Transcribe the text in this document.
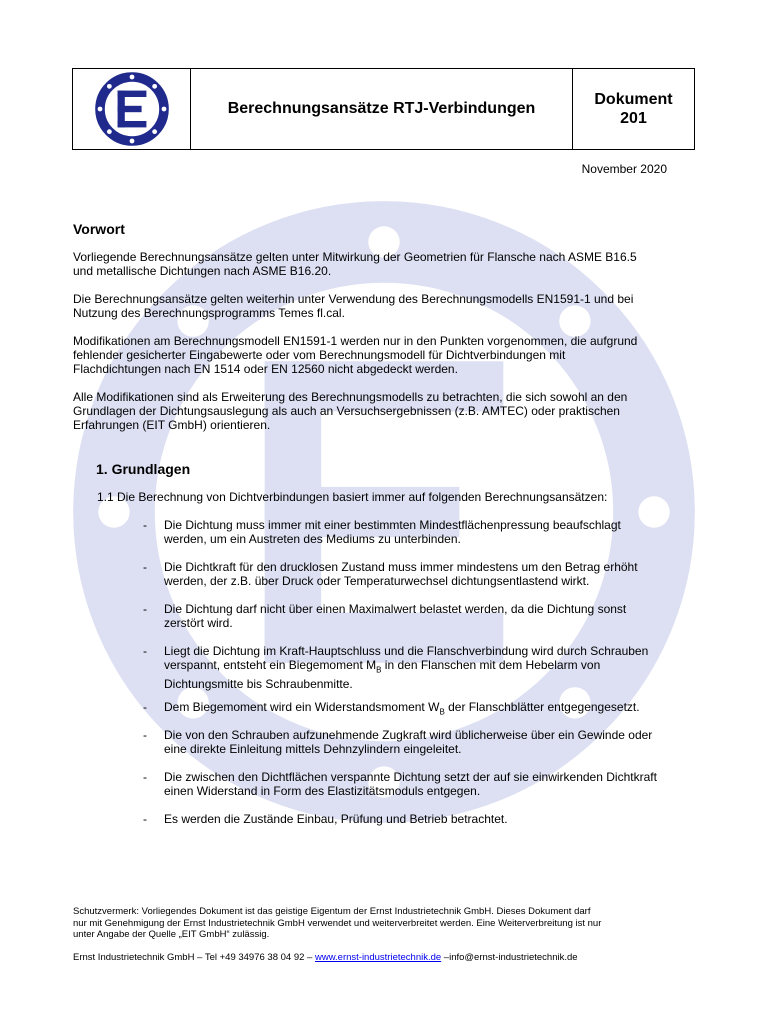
Berechnungsansätze RTJ-Verbindungen
Dokument
201
November 2020
Vorwort
Vorliegende Berechnungsansätze gelten unter Mitwirkung der Geometrien für Flansche nach ASME B16.5
und metallische Dichtungen nach ASME B16.20.
Die Berechnungsansätze gelten weiterhin unter Verwendung des Berechnungsmodells EN1591-1 und bei
Nutzung des Berechnungsprogramms Temes fl.cal.
Modifikationen am Berechnungsmodell EN1591-1 werden nur in den Punkten vorgenommen, die aufgrund
fehlender gesicherter Eingabewerte oder vom Berechnungsmodell für Dichtverbindungen mit
Flachdichtungen nach EN 1514 oder EN 12560 nicht abgedeckt werden.
Alle Modifikationen sind als Erweiterung des Berechnungsmodells zu betrachten, die sich sowohl an den
Grundlagen der Dichtungsauslegung als auch an Versuchsergebnissen (z.B. AMTEC) oder praktischen
Erfahrungen (EIT GmbH) orientieren.
1. Grundlagen
1.1 Die Berechnung von Dichtverbindungen basiert immer auf folgenden Berechnungsansätzen:
-	Die Dichtung muss immer mit einer bestimmten Mindestflächenpressung beaufschlagt
werden, um ein Austreten des Mediums zu unterbinden.
-	Die Dichtkraft für den drucklosen Zustand muss immer mindestens um den Betrag erhöht
werden, der z.B. über Druck oder Temperaturwechsel dichtungsentlastend wirkt.
-	Die Dichtung darf nicht über einen Maximalwert belastet werden, da die Dichtung sonst
zerstört wird.
-	Liegt die Dichtung im Kraft-Hauptschluss und die Flanschverbindung wird durch Schrauben
verspannt, entsteht ein Biegemoment $M_B$ in den Flanschen mit dem Hebelarm von
Dichtungsmitte bis Schraubenmitte.
-	Dem Biegemoment wird ein Widerstandsmoment $W_B$ der Flanschblätter entgegengesetzt.
-	Die von den Schrauben aufzunehmende Zugkraft wird üblicherweise über ein Gewinde oder
eine direkte Einleitung mittels Dehnzylindern eingeleitet.
-	Die zwischen den Dichtflächen verspannte Dichtung setzt der auf sie einwirkenden Dichtkraft
einen Widerstand in Form des Elastizitätsmoduls entgegen.
-	Es werden die Zustände Einbau, Prüfung und Betrieb betrachtet.
Schutzvermerk: Vorliegendes Dokument ist das geistige Eigentum der Ernst Industrietechnik GmbH. Dieses Dokument darf
nur mit Genehmigung der Ernst Industrietechnik GmbH verwendet und weiterverbreitet werden. Eine Weiterverbreitung ist nur
unter Angabe der Quelle „EIT GmbH“ zulässig.
Ernst Industrietechnik GmbH – Tel +49 34976 38 04 92 – www.ernst-industrietechnik.de –info@ernst-industrietechnik.de
